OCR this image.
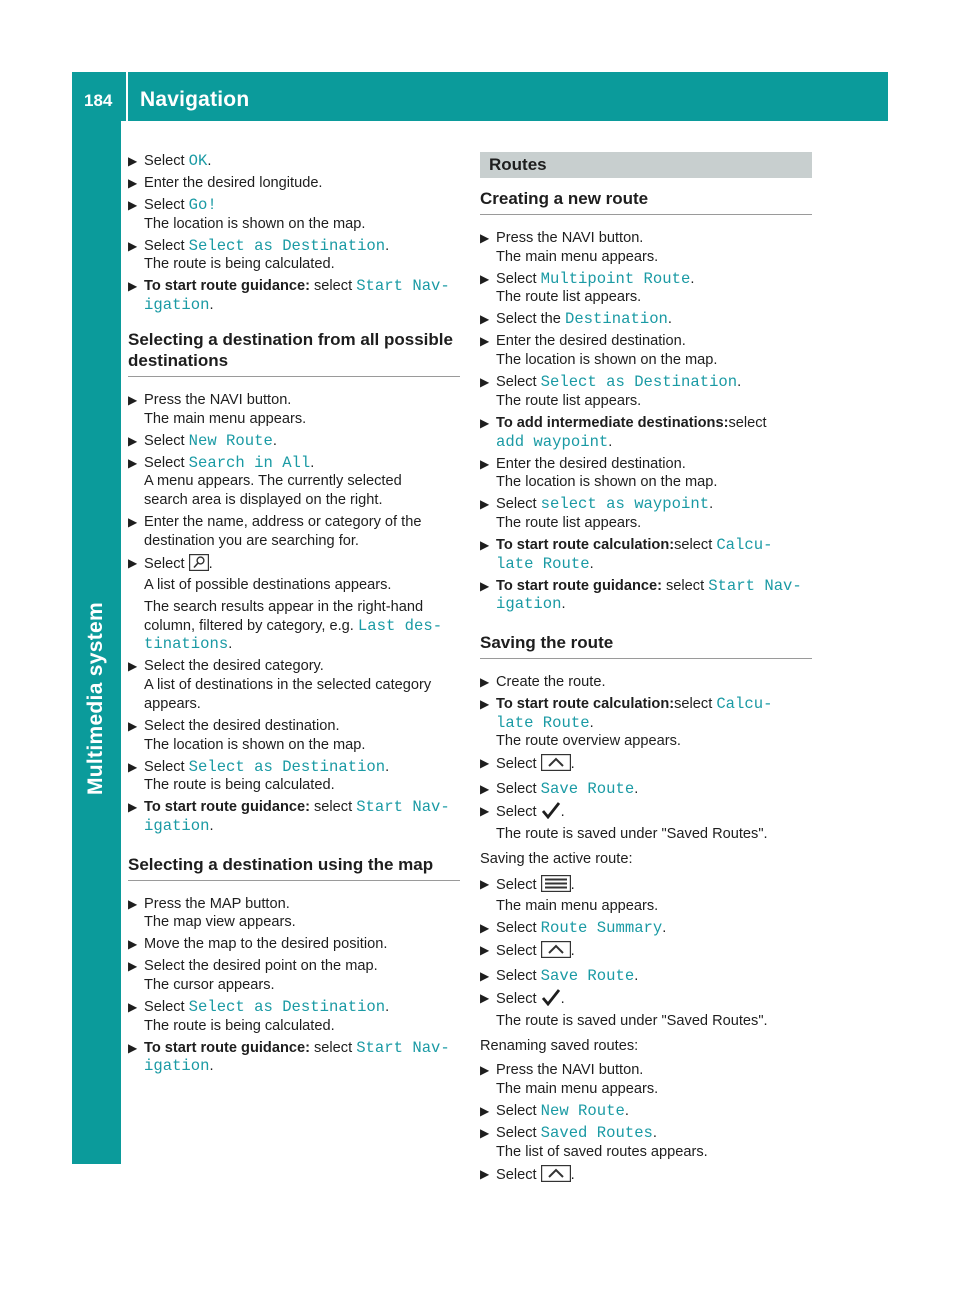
184 Navigation
Multimedia system
▶ Select OK.
▶ Enter the desired longitude.
▶ Select Go!
The location is shown on the map.
▶ Select Select as Destination.
The route is being calculated.
▶ To start route guidance: select Start Nav-
igation.
Selecting a destination from all possible destinations
▶ Press the NAVI button.
The main menu appears.
▶ Select New Route.
▶ Select Search in All.
A menu appears. The currently selected
search area is displayed on the right.
▶ Enter the name, address or category of the
destination you are searching for.
▶ Select .
A list of possible destinations appears.
The search results appear in the right-hand
column, filtered by category, e.g. Last des-
tinations.
▶ Select the desired category.
A list of destinations in the selected category
appears.
▶ Select the desired destination.
The location is shown on the map.
▶ Select Select as Destination.
The route is being calculated.
▶ To start route guidance: select Start Nav-
igation.
Selecting a destination using the map
▶ Press the MAP button.
The map view appears.
▶ Move the map to the desired position.
▶ Select the desired point on the map.
The cursor appears.
▶ Select Select as Destination.
The route is being calculated.
▶ To start route guidance: select Start Nav-
igation.
Routes
Creating a new route
▶ Press the NAVI button.
The main menu appears.
▶ Select Multipoint Route.
The route list appears.
▶ Select the Destination.
▶ Enter the desired destination.
The location is shown on the map.
▶ Select Select as Destination.
The route list appears.
▶ To add intermediate destinations:select
add waypoint.
▶ Enter the desired destination.
The location is shown on the map.
▶ Select select as waypoint.
The route list appears.
▶ To start route calculation:select Calcu-
late Route.
▶ To start route guidance: select Start Nav-
igation.
Saving the route
▶ Create the route.
▶ To start route calculation:select Calcu-
late Route.
The route overview appears.
▶ Select .
▶ Select Save Route.
▶ Select .
The route is saved under "Saved Routes".
Saving the active route:
▶ Select .
The main menu appears.
▶ Select Route Summary.
▶ Select .
▶ Select Save Route.
▶ Select .
The route is saved under "Saved Routes".
Renaming saved routes:
▶ Press the NAVI button.
The main menu appears.
▶ Select New Route.
▶ Select Saved Routes.
The list of saved routes appears.
▶ Select .
